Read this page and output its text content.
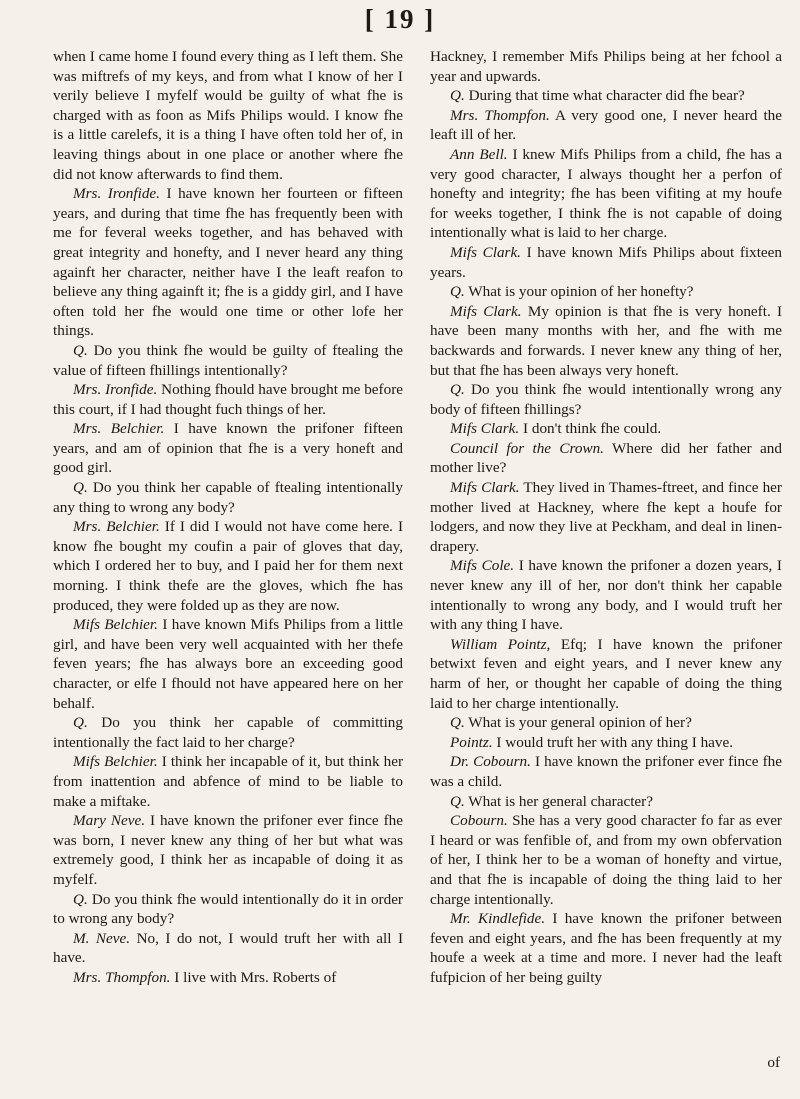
[ 19 ]

when I came home I found every thing as I left them. She was miftrefs of my keys, and from what I know of her I verily believe I myfelf would be guilty of what fhe is charged with as foon as Mifs Philips would. I know fhe is a little carelefs, it is a thing I have often told her of, in leaving things about in one place or another where fhe did not know afterwards to find them.

Mrs. Ironfide. I have known her fourteen or fifteen years, and during that time fhe has frequently been with me for feveral weeks together, and has behaved with great integrity and honefty, and I never heard any thing againft her character, neither have I the leaft reafon to believe any thing againft it; fhe is a giddy girl, and I have often told her fhe would one time or other lofe her things.

Q. Do you think fhe would be guilty of ftealing the value of fifteen fhillings intentionally?

Mrs. Ironfide. Nothing fhould have brought me before this court, if I had thought fuch things of her.

Mrs. Belchier. I have known the prifoner fifteen years, and am of opinion that fhe is a very honeft and good girl.

Q. Do you think her capable of ftealing intentionally any thing to wrong any body?

Mrs. Belchier. If I did I would not have come here. I know fhe bought my coufin a pair of gloves that day, which I ordered her to buy, and I paid her for them next morning. I think thefe are the gloves, which fhe has produced, they were folded up as they are now.

Mifs Belchier. I have known Mifs Philips from a little girl, and have been very well acquainted with her thefe feven years; fhe has always bore an exceeding good character, or elfe I fhould not have appeared here on her behalf.

Q. Do you think her capable of committing intentionally the fact laid to her charge?

Mifs Belchier. I think her incapable of it, but think her from inattention and abfence of mind to be liable to make a miftake.

Mary Neve. I have known the prifoner ever fince fhe was born, I never knew any thing of her but what was extremely good, I think her as incapable of doing it as myfelf.

Q. Do you think fhe would intentionally do it in order to wrong any body?

M. Neve. No, I do not, I would truft her with all I have.

Mrs. Thompfon. I live with Mrs. Roberts of

Hackney, I remember Mifs Philips being at her fchool a year and upwards.

Q. During that time what character did fhe bear?

Mrs. Thompfon. A very good one, I never heard the leaft ill of her.

Ann Bell. I knew Mifs Philips from a child, fhe has a very good character, I always thought her a perfon of honefty and integrity; fhe has been vifiting at my houfe for weeks together, I think fhe is not capable of doing intentionally what is laid to her charge.

Mifs Clark. I have known Mifs Philips about fixteen years.

Q. What is your opinion of her honefty?

Mifs Clark. My opinion is that fhe is very honeft. I have been many months with her, and fhe with me backwards and forwards. I never knew any thing of her, but that fhe has been always very honeft.

Q. Do you think fhe would intentionally wrong any body of fifteen fhillings?

Mifs Clark. I don't think fhe could.

Council for the Crown. Where did her father and mother live?

Mifs Clark. They lived in Thames-ftreet, and fince her mother lived at Hackney, where fhe kept a houfe for lodgers, and now they live at Peckham, and deal in linen-drapery.

Mifs Cole. I have known the prifoner a dozen years, I never knew any ill of her, nor don't think her capable intentionally to wrong any body, and I would truft her with any thing I have.

William Pointz, Efq; I have known the prifoner betwixt feven and eight years, and I never knew any harm of her, or thought her capable of doing the thing laid to her charge intentionally.

Q. What is your general opinion of her?

Pointz. I would truft her with any thing I have.

Dr. Cobourn. I have known the prifoner ever fince fhe was a child.

Q. What is her general character?

Cobourn. She has a very good character fo far as ever I heard or was fenfible of, and from my own obfervation of her, I think her to be a woman of honefty and virtue, and that fhe is incapable of doing the thing laid to her charge intentionally.

Mr. Kindlefide. I have known the prifoner between feven and eight years, and fhe has been frequently at my houfe a week at a time and more. I never had the leaft fufpicion of her being guilty

of
